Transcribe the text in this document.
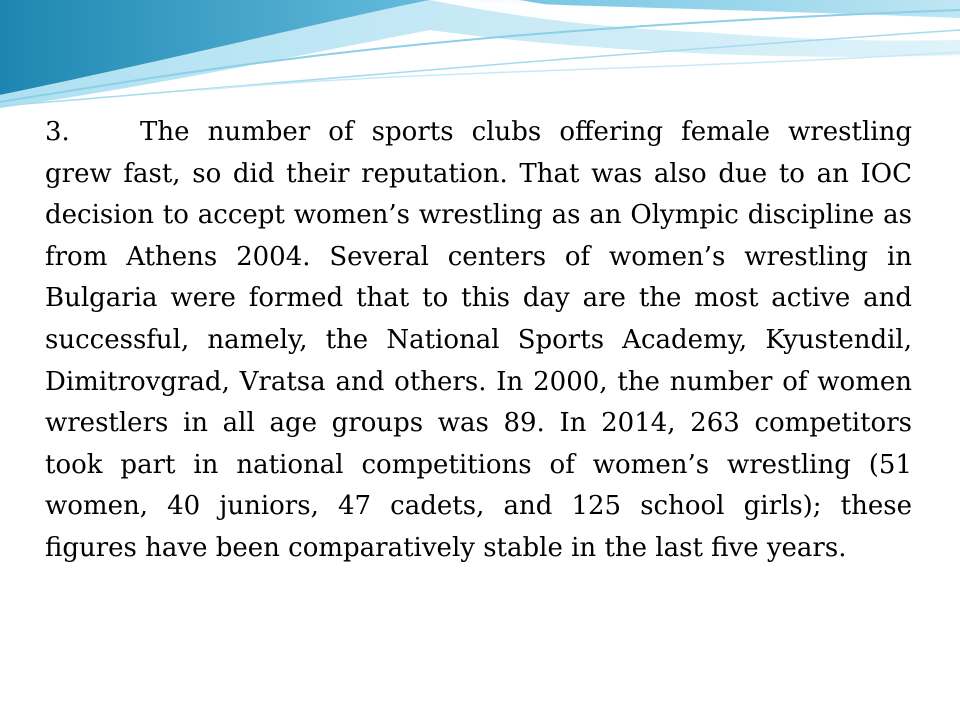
3.	The number of sports clubs offering female wrestling grew fast, so did their reputation. That was also due to an IOC decision to accept women’s wrestling as an Olympic discipline as from Athens 2004. Several centers of women’s wrestling in Bulgaria were formed that to this day are the most active and successful, namely, the National Sports Academy, Kyustendil, Dimitrovgrad, Vratsa and others. In 2000, the number of women wrestlers in all age groups was 89. In 2014, 263 competitors took part in national competitions of women’s wrestling (51 women, 40 juniors, 47 cadets, and 125 school girls); these figures have been comparatively stable in the last five years.
